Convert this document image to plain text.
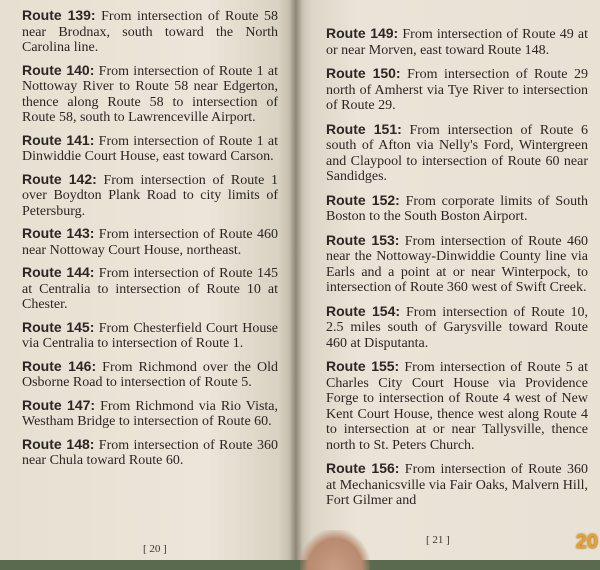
Route 139: From intersection of Route 58 near Brodnax, south toward the North Carolina line.
Route 140: From intersection of Route 1 at Nottoway River to Route 58 near Edgerton, thence along Route 58 to intersection of Route 58, south to Lawrenceville Airport.
Route 141: From intersection of Route 1 at Dinwiddie Court House, east toward Carson.
Route 142: From intersection of Route 1 over Boydton Plank Road to city limits of Petersburg.
Route 143: From intersection of Route 460 near Nottoway Court House, northeast.
Route 144: From intersection of Route 145 at Centralia to intersection of Route 10 at Chester.
Route 145: From Chesterfield Court House via Centralia to intersection of Route 1.
Route 146: From Richmond over the Old Osborne Road to intersection of Route 5.
Route 147: From Richmond via Rio Vista, Westham Bridge to intersection of Route 60.
Route 148: From intersection of Route 360 near Chula toward Route 60.
[ 20 ]
Route 149: From intersection of Route 49 at or near Morven, east toward Route 148.
Route 150: From intersection of Route 29 north of Amherst via Tye River to intersection of Route 29.
Route 151: From intersection of Route 6 south of Afton via Nelly's Ford, Wintergreen and Claypool to intersection of Route 60 near Sandidges.
Route 152: From corporate limits of South Boston to the South Boston Airport.
Route 153: From intersection of Route 460 near the Nottoway-Dinwiddie County line via Earls and a point at or near Winterpock, to intersection of Route 360 west of Swift Creek.
Route 154: From intersection of Route 10, 2.5 miles south of Garysville toward Route 460 at Disputanta.
Route 155: From intersection of Route 5 at Charles City Court House via Providence Forge to intersection of Route 4 west of New Kent Court House, thence west along Route 4 to intersection at or near Tallysville, thence north to St. Peters Church.
Route 156: From intersection of Route 360 at Mechanicsville via Fair Oaks, Malvern Hill, Fort Gilmer and
[ 21 ]	20
